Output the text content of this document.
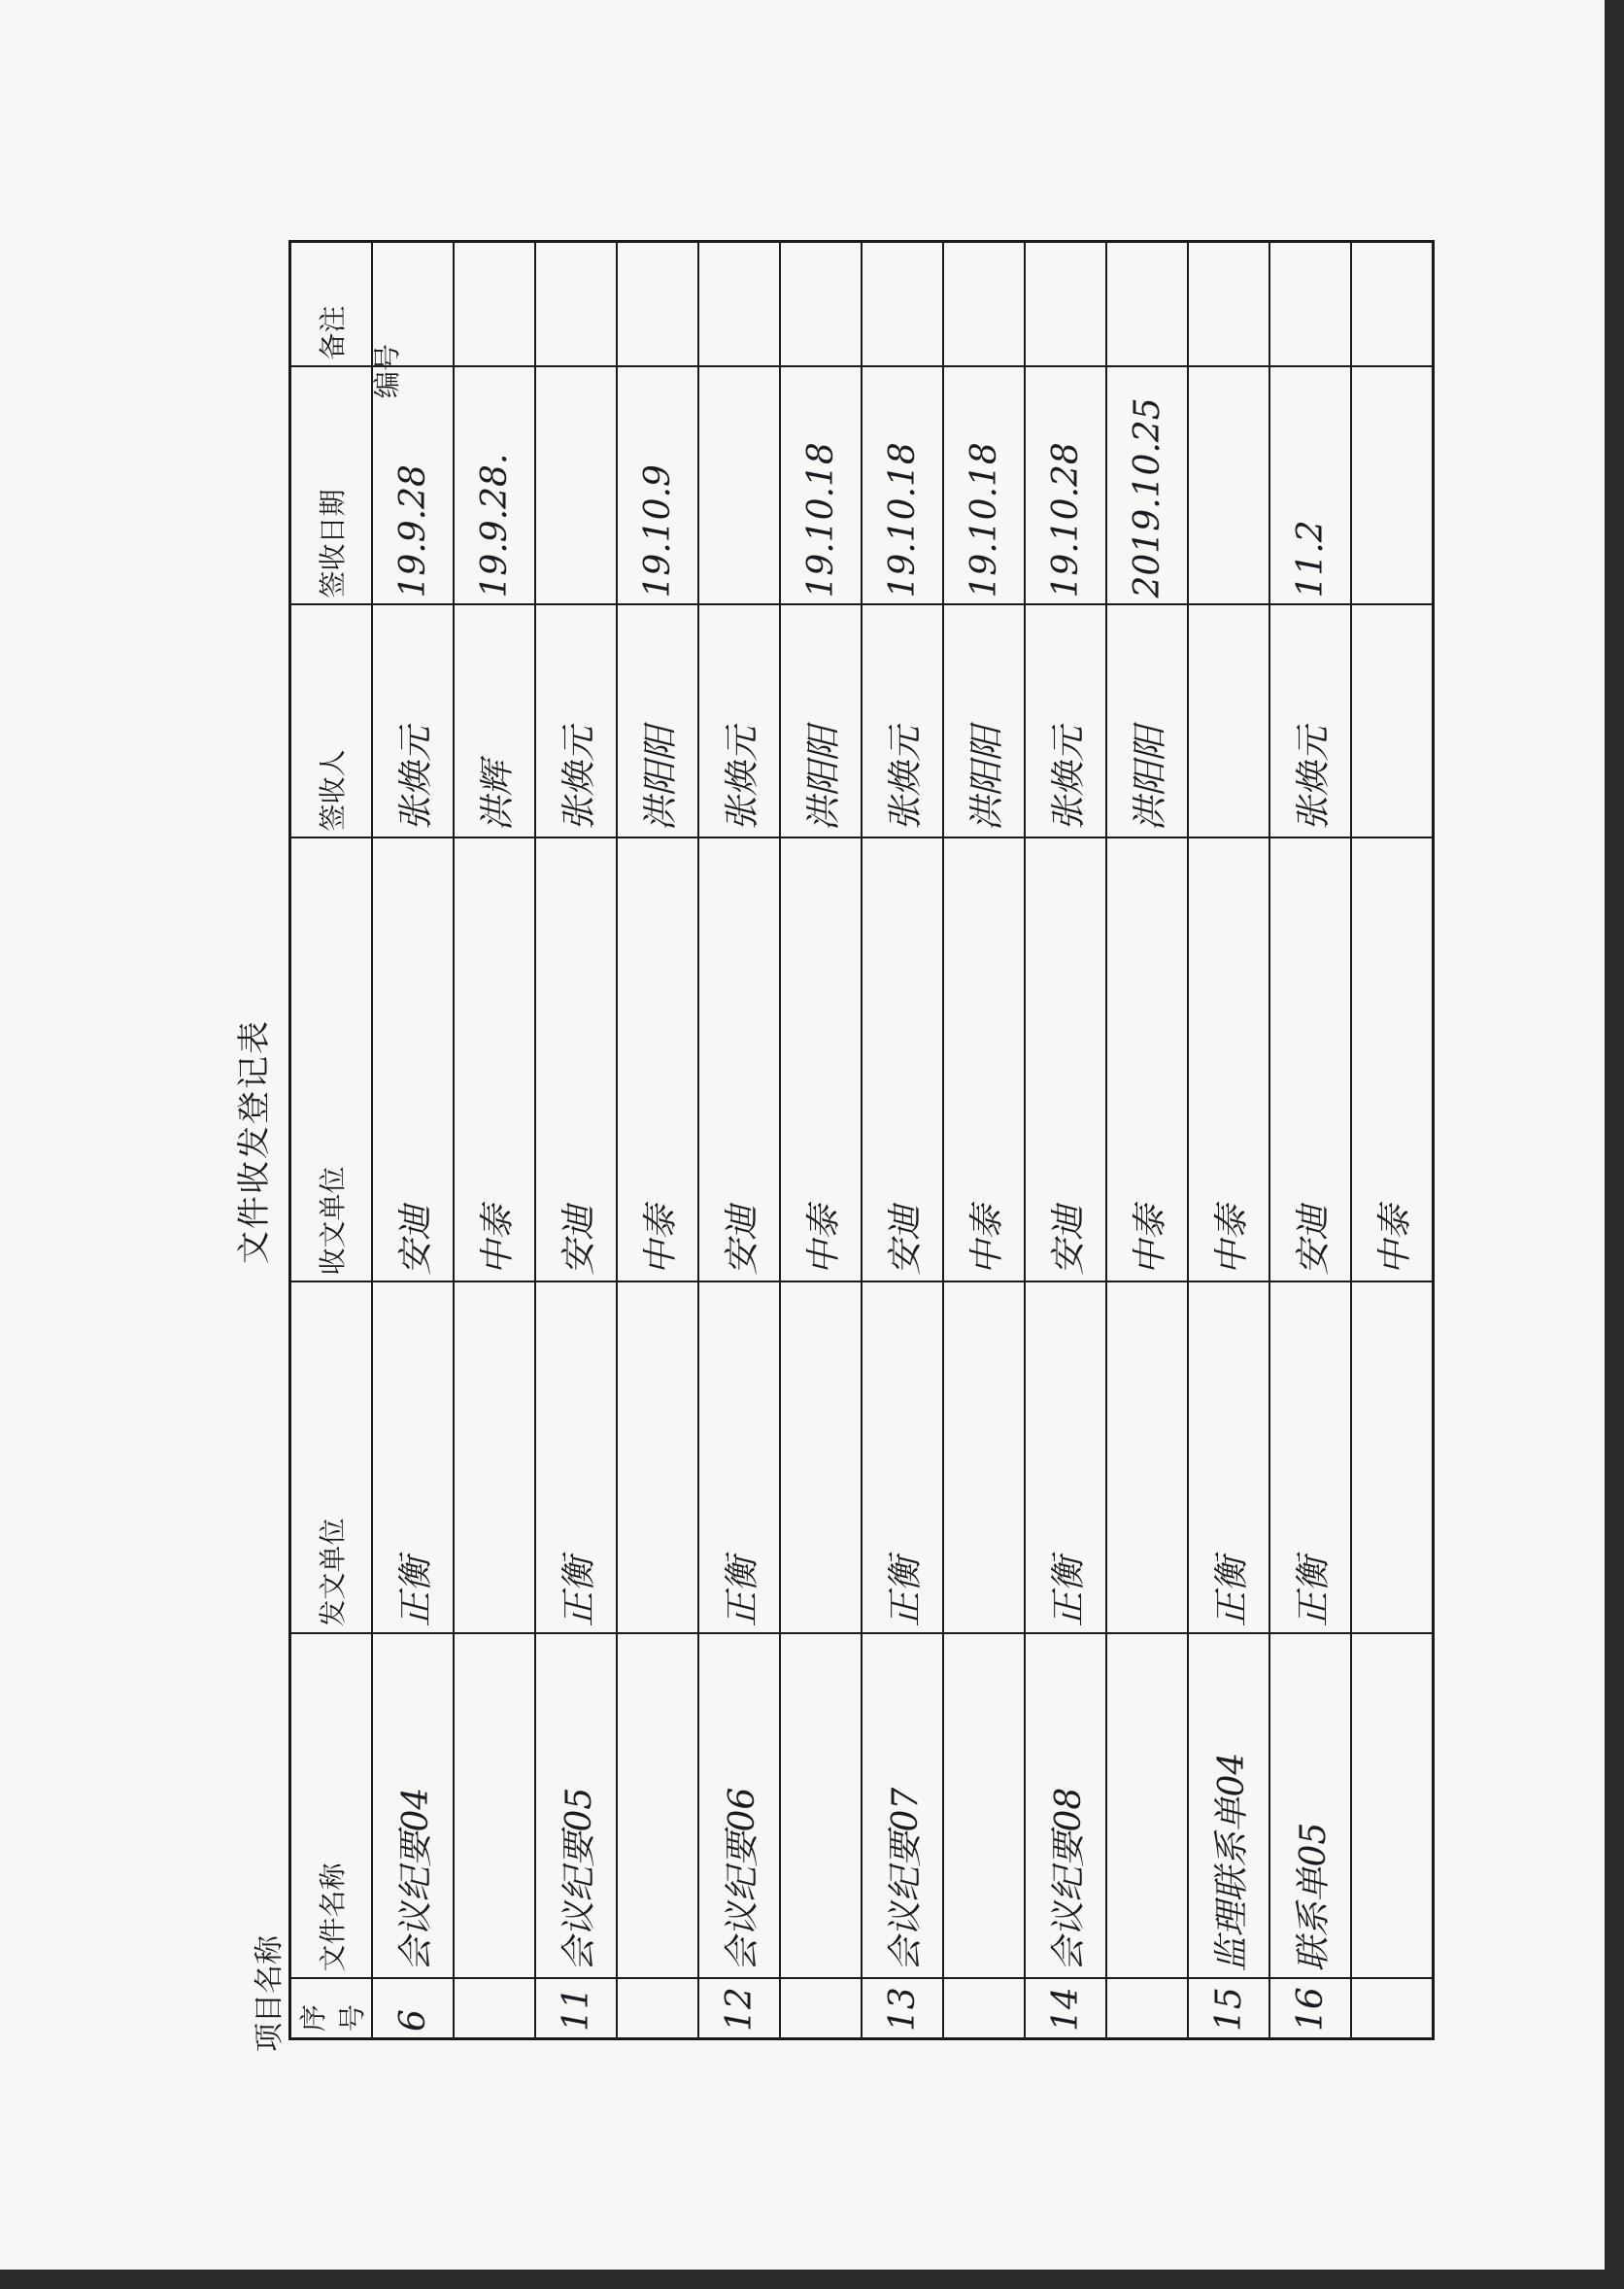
文件收发登记表
项目名称
编号
序号	文件名称	发文单位	收文单位	签收人	签收日期	备注
6	会议纪要04	正衡	安迪	张焕元	19.9.28	
			中泰	洪辉	19.9.28.	
11	会议纪要05	正衡	安迪	张焕元		
			中泰	洪阳阳	19.10.9	
12	会议纪要06	正衡	安迪	张焕元		
			中泰	洪阳阳	19.10.18	
13	会议纪要07	正衡	安迪	张焕元	19.10.18	
			中泰	洪阳阳	19.10.18	
14	会议纪要08	正衡	安迪	张焕元	19.10.28	
			中泰	洪阳阳	2019.10.25	
15	监理联系单04	正衡	中泰			
16	联系单05	正衡	安迪	张焕元	11.2	
			中泰			
